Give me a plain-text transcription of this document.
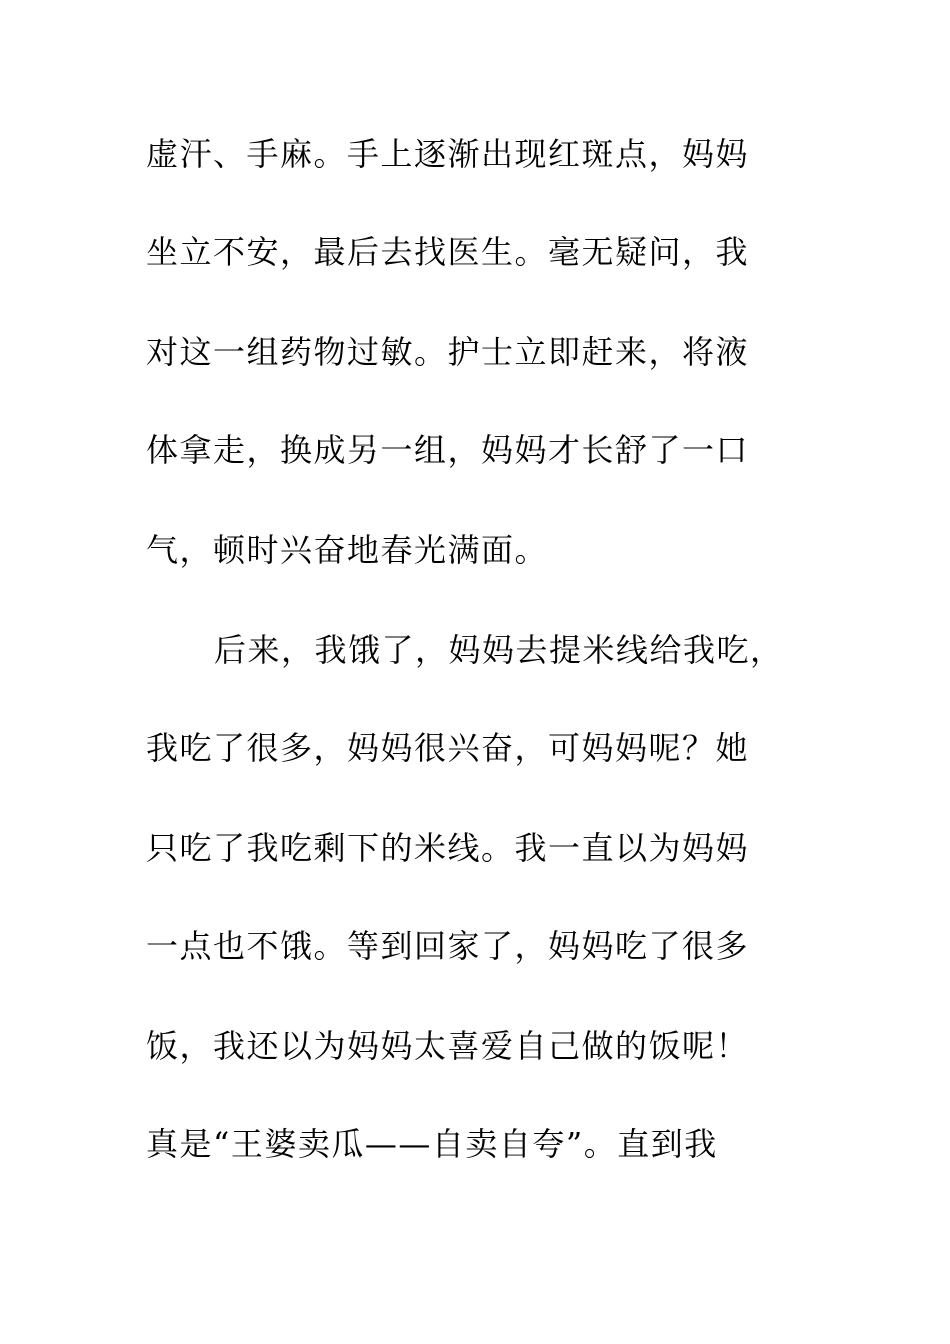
虚汗、手麻。手上逐渐出现红斑点，妈妈
坐立不安，最后去找医生。毫无疑问，我
对这一组药物过敏。护士立即赶来，将液
体拿走，换成另一组，妈妈才长舒了一口
气，顿时兴奋地春光满面。
后来，我饿了，妈妈去提米线给我吃，
我吃了很多，妈妈很兴奋，可妈妈呢？她
只吃了我吃剩下的米线。我一直以为妈妈
一点也不饿。等到回家了，妈妈吃了很多
饭，我还以为妈妈太喜爱自己做的饭呢！
真是“王婆卖瓜——自卖自夸”。直到我
